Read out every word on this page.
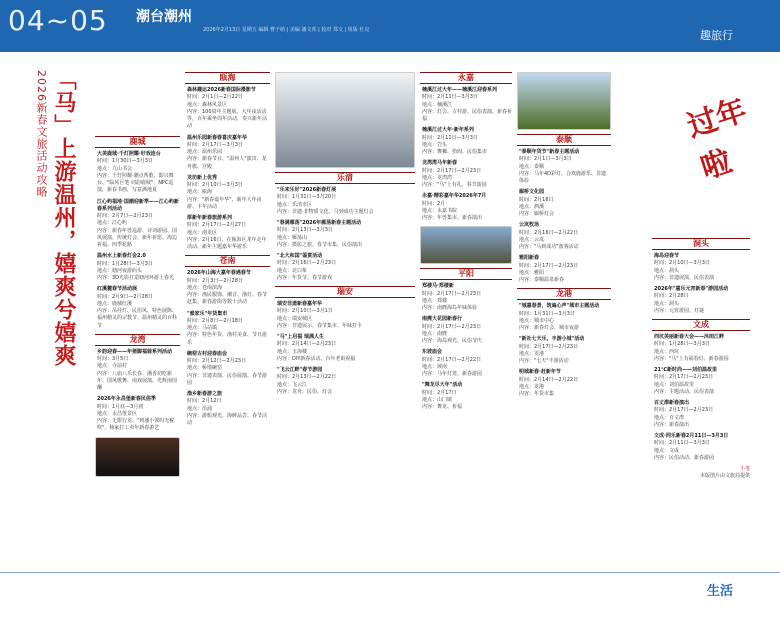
04~05 潮台潮州
2026年2月13日 星期五 编辑 曹子萌 | 美编 潘文邦 | 校对 郑文 | 组版 杜克	趣旅行
2026新春文旅活动攻略 「马」上游温州，嬉爽兮嬉爽	鹿城
大美鹿城·千灯照耀·好戏连台
时间：1月30日—3月3日
地点：九山书会
内容：千灯照耀·潮点帮歌，即兴舞台、"临风巨笔 词韵鹿城"，NPC巡演，新春书画，写意满地夏
江心屿福地·国潮迎新季——江心屿新春系列活动
时间：2月7日—2月23日
地点：江心屿
内容：新春年兽巡游、诗词游园、国风展演、传统灯会、新年祈愿、海边祈福、四季花路
温州水上新春灯会2.0
时间：1月28日—3月3日
地点：塘河夜游码头
内容：3D光影打造塘河环游上春光
红溪麓春节活动展
时间：2月9日—2月28日
地点：鹿城红溪
内容：吊挂灯、民俗风、特色展陈、福州精灵的宗教节、温州精灵的百科节
龙湾
乡韵迎春——年猪脚福骑系列活动
时间：3月5日
地点：寺前村
内容：八庙八乐长春、潘香切吃新年、国风歌舞、南戏展演、光辉南国酬
2026年永昌堡新春民俗季
时间：1月底—3月初
地点：永昌堡景区
内容：无限行龙、"到潘小领吗无税吹"，杨家打工卖年新春游艺
瓯海
森林趣运2026新春国际摄影节
时间：2月1日—2月22日
地点：森林风景区
内容：100周年主题展、大年夜活动等，百年乘坐周年活动，奏兴新年活动
温州乐园新春春喜庆嘉年华
时间：2月17日—3月3日
地点：温州乐园
内容：新春节目、"温州人"演出、龙舟旗、宫殿
龙坊新上优秀
时间：2月10日—3月3日
地点：瓯海
内容："新春嘉年华"、新年大年夜游、丰年活动
厚新年新春旅游系列
时间：2月17日—2月27日
地点：南龙区
内容：2月16日，在瓯海区龙年走年活动、新年主题嘉年华游乐
苍南
2026年山海大嘉年春遇春节
时间：2月3日—2月28日
地点：苍南滨海
内容：渔民服饰、潮音、渔灯、春节赶集、新春游街等数十活动
"渔家乐"年货集市
时间：2月8日—2月18日
地点：马站镇
内容：特色年货、渔村美食、节日游乐
碗窑古村迎春庙会
时间：2月12日—2月23日
地点：桥墩碗窑
内容：非遗表演、民俗展演、春节游园
渔乡新春游之旅
时间：2月12日
地点：沿浦
内容：游船观光、海鲜品尝、春节活动
乐清
"乐来乐好"2026新春灯展
时间：1月31日—3月20日
地点：乐清市区
内容：非遗·非物质文化、马到成功主题灯会
"春满雁荡"2026年雁荡新春主题活动
时间：2月13日—3月3日
地点：雁荡山
内容：摄影之旅、春节市集、民俗演出
"北大和国"鉴赏活动
时间：2月16日—2月23日
地点：北白象
内容：年货节、春节游戏
瑞安
瑞安非遗新春嘉年华
时间：2月10日—3月1日
地点：瑞安城区
内容：非遗展示、春节集市、年味打卡
"马"上启福 瑞满人生
时间：2月14日—2月23日
地点：玉海楼
内容：DIY新春活动、百年老街祝福
"飞云江畔"春节游园
时间：2月13日—2月22日
地点：飞云江
内容：龙舟、民俗、灯会
永嘉
楠溪江过大年——楠溪江迎春系列
时间：2月11日—3月3日
地点：楠溪江
内容：灯会、古村游、民俗表演、新春祈福
楠溪江过大年·新年系列
时间：2月11日—3月3日
地点：岩头
内容：舞狮、抬阁、民俗集市
龙湾湾马年新春
时间：2月17日—2月23日
地点：龙湾湾
内容："马"上有礼、春节游园
永嘉·精彩嘉年华2026年7月
时间：2月
地点：永嘉书院
内容：年兽集市、新春演出
平阳
郑楼马·郑楼新
时间：2月17日—2月23日
地点：郑楼
内容：南麂海岛年味体验
南麂大花园新春行
时间：2月17日—2月23日
地点：南麂
内容：海岛观光、民俗节庆
东坡庙会
时间：2月17日—2月22日
地点：坡南
内容：马年灯笼、新春游园
"舞龙尽大年"活动
时间：2月17日
地点：山门镇
内容：舞龙、祈福
泰顺
"泰顺年货节"新春主题活动
时间：2月1日—3月3日
地点：泰顺
内容：马年4D彩灯、合欢鹿游乐、非遗体验
廊桥文化园
时间：2月16日
地点：泗溪
内容：廊桥灯会
云岚牧场
时间：2月16日—2月22日
地点：云岚
内容："马到成功"游客活动
雅阳新春
时间：2月17日—2月23日
地点：雅阳
内容：泰顺温泉新春
龙港
"城嘉春景，筑遍心声"城市主题活动
时间：1月31日—3月3日
地点：城市中心
内容：新春灯会、城市夜游
"新社七天乐，丰游小城"活动
时间：2月17日—2月23日
地点：龙港
内容："七天"丰游活动
明城新春·赶新年节
时间：2月14日—2月22日
地点：龙港
内容：年货市集
过年啦
洞头
海岛迎春节
时间：2月10日—3月3日
地点：洞头
内容：非遗展演、民俗表演
2026年"嘉乐元宵新春"游园活动
时间：2月28日
地点：洞头
内容：元宵游园、灯谜
文成
西坑美丽新春大会——沐雨江畔
时间：1月28日—3月3日
地点：西坑
内容："马"上有福春灯、新春游园
21℃新时尚——刘伯温故里
时间：2月17日—2月23日
地点：刘伯温故里
内容：主题活动、民俗表演
百丈漈新春演出
时间：2月17日—2月23日
地点：百丈漈
内容：新春演出
文成·同乐新春2月11日—3月3日
时间：2月11日—3月3日
地点：文成
内容：民俗活动、新春游园
小笔
本版图片由文旅局提供
生活
